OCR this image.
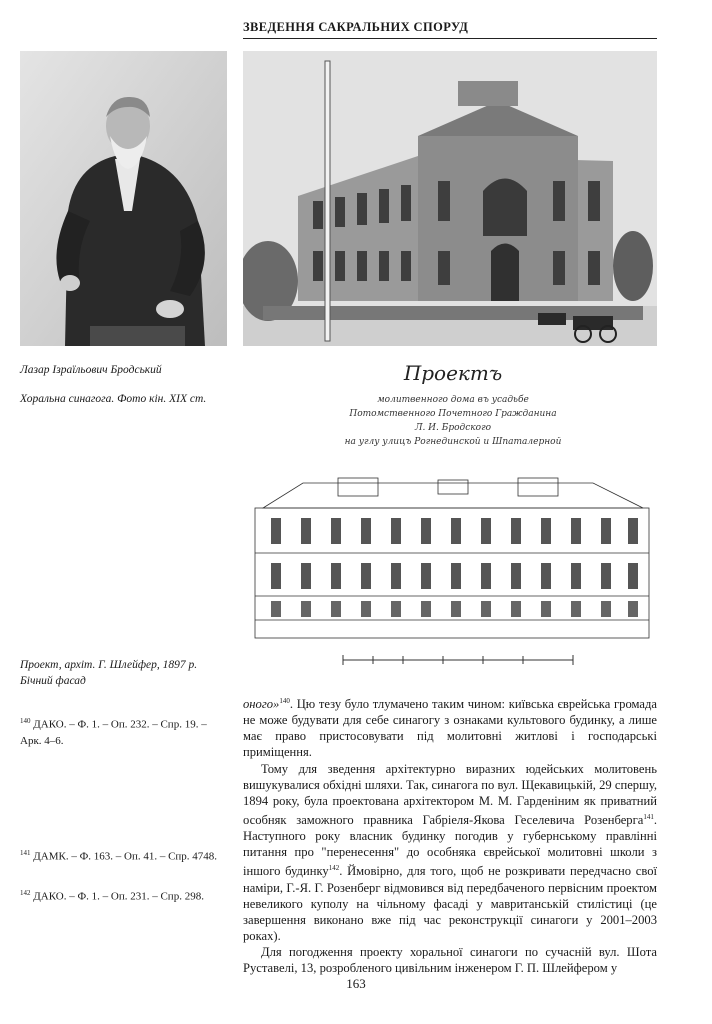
ЗВЕДЕННЯ САКРАЛЬНИХ СПОРУД
Лазар Ізраїльович Бродський
Хоральна синагога. Фото кін. XIX ст.
Проект, архіт. Г. Шлейфер, 1897 р.
Бічний фасад
Проектъ
молитвенного дома въ усадьбе
Потомственного Почетного Гражданина
Л. И. Бродского
на углу улицъ Рогнединской и Шпаталерной
$^{140}$ ДАКО. – Ф. 1. – Оп. 232. – Спр. 19. – Арк. 4–6.
$^{141}$ ДАМК. – Ф. 163. – Оп. 41. – Спр. 4748.
$^{142}$ ДАКО. – Ф. 1. – Оп. 231. – Спр. 298.

оного»$^{140}$. Цю тезу було тлумачено таким чином: київська єврейська громада не може будувати для себе синагогу з ознаками культового будинку, а лише має право пристосовувати під молитовні житлові і господарські приміщення.

Тому для зведення архітектурно виразних юдейських молитовень вишукувалися обхідні шляхи. Так, синагога по вул. Щекавицькій, 29 спершу, 1894 року, була проектована архітектором М. М. Гарденіним як приватний особняк заможного правника Габріеля-Якова Геселевича Розенберга$^{141}$. Наступного року власник будинку погодив у губернському правлінні питання про "перенесення" до особняка єврейської молитовні школи з іншого будинку$^{142}$. Ймовірно, для того, щоб не розкривати передчасно свої наміри, Г.-Я. Г. Розенберг відмовився від передбаченого первісним проектом невеликого куполу на чільному фасаді у мавританській стилістиці (це завершення виконано вже під час реконструкції синагоги у 2001–2003 роках).

Для погодження проекту хоральної синагоги по сучасній вул. Шота Руставелі, 13, розробленого цивільним інженером Г. П. Шлейфером у

163
